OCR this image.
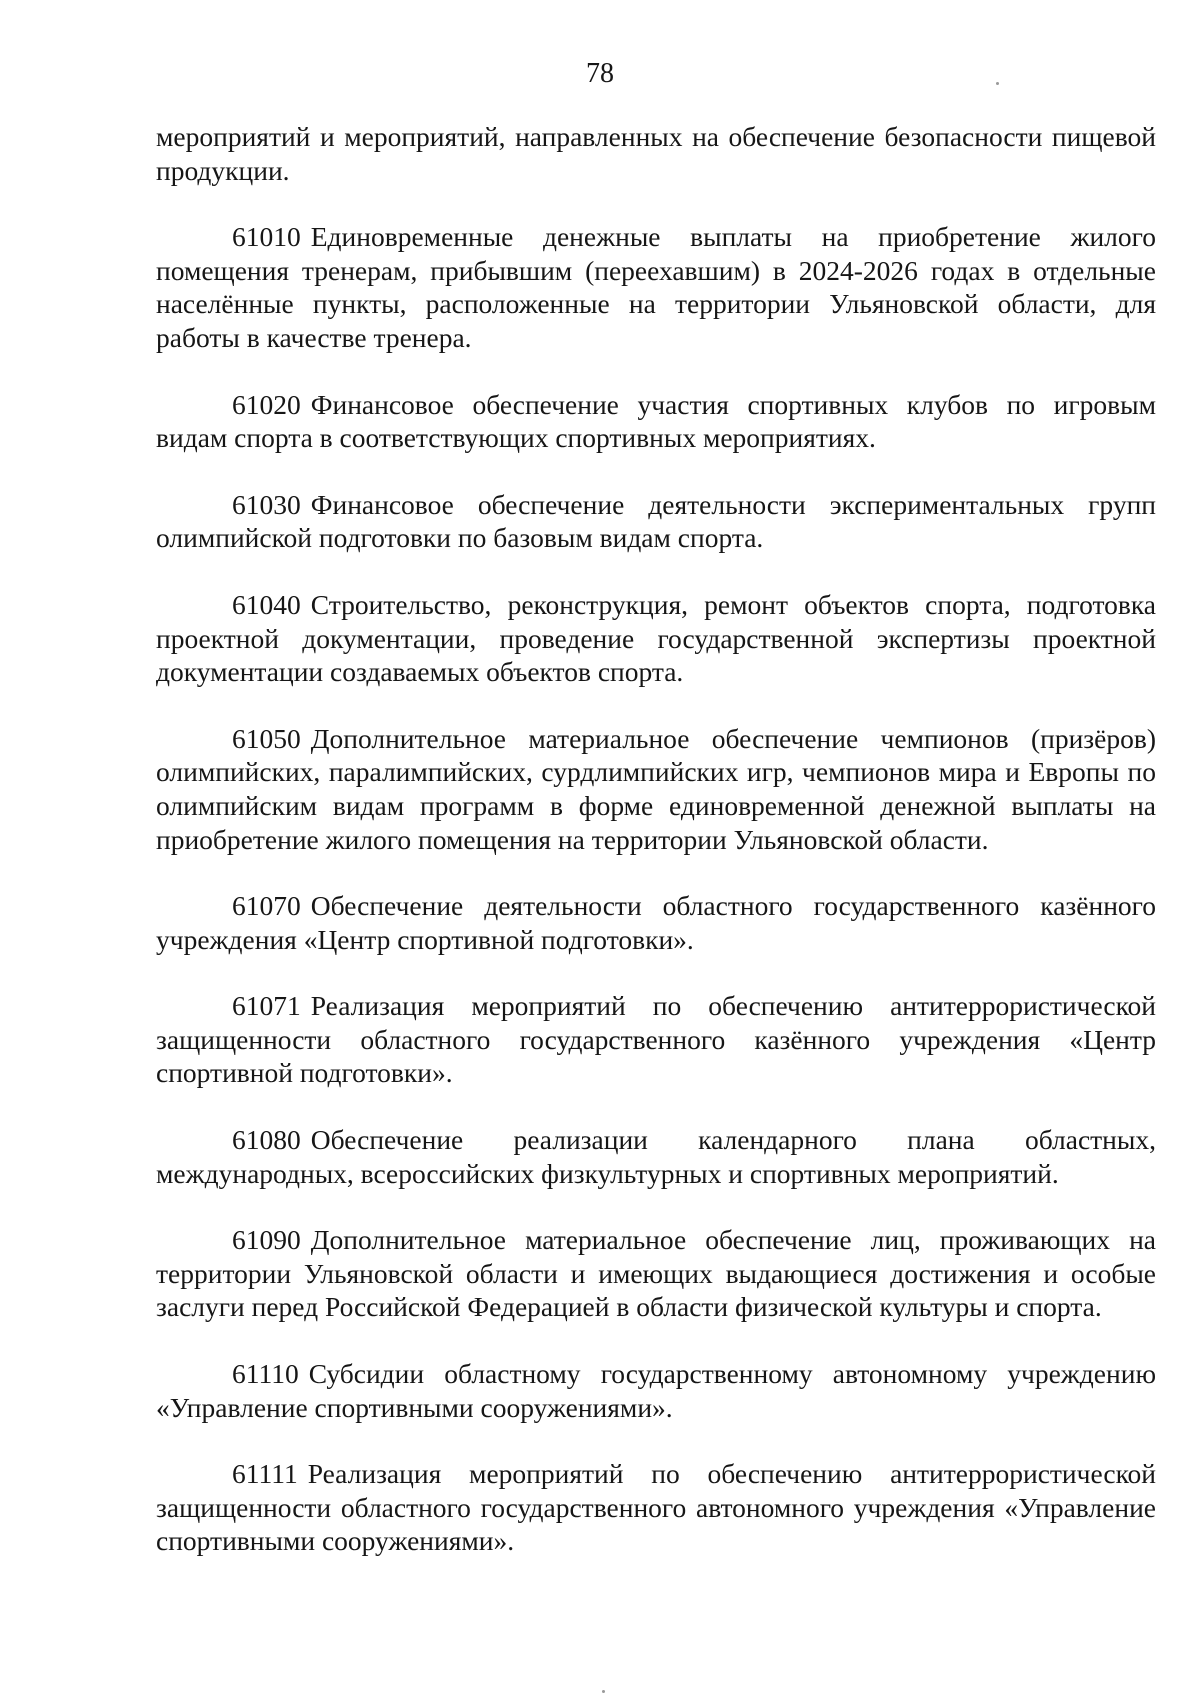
78

мероприятий и мероприятий, направленных на обеспечение безопасности пищевой продукции.

61010 Единовременные денежные выплаты на приобретение жилого помещения тренерам, прибывшим (переехавшим) в 2024-2026 годах в отдельные населённые пункты, расположенные на территории Ульяновской области, для работы в качестве тренера.

61020 Финансовое обеспечение участия спортивных клубов по игровым видам спорта в соответствующих спортивных мероприятиях.

61030 Финансовое обеспечение деятельности экспериментальных групп олимпийской подготовки по базовым видам спорта.

61040 Строительство, реконструкция, ремонт объектов спорта, подготовка проектной документации, проведение государственной экспертизы проектной документации создаваемых объектов спорта.

61050 Дополнительное материальное обеспечение чемпионов (призёров) олимпийских, паралимпийских, сурдлимпийских игр, чемпионов мира и Европы по олимпийским видам программ в форме единовременной денежной выплаты на приобретение жилого помещения на территории Ульяновской области.

61070 Обеспечение деятельности областного государственного казённого учреждения «Центр спортивной подготовки».

61071 Реализация мероприятий по обеспечению антитеррористической защищенности областного государственного казённого учреждения «Центр спортивной подготовки».

61080 Обеспечение реализации календарного плана областных, международных, всероссийских физкультурных и спортивных мероприятий.

61090 Дополнительное материальное обеспечение лиц, проживающих на территории Ульяновской области и имеющих выдающиеся достижения и особые заслуги перед Российской Федерацией в области физической культуры и спорта.

61110 Субсидии областному государственному автономному учреждению «Управление спортивными сооружениями».

61111 Реализация мероприятий по обеспечению антитеррористической защищенности областного государственного автономного учреждения «Управление спортивными сооружениями».
